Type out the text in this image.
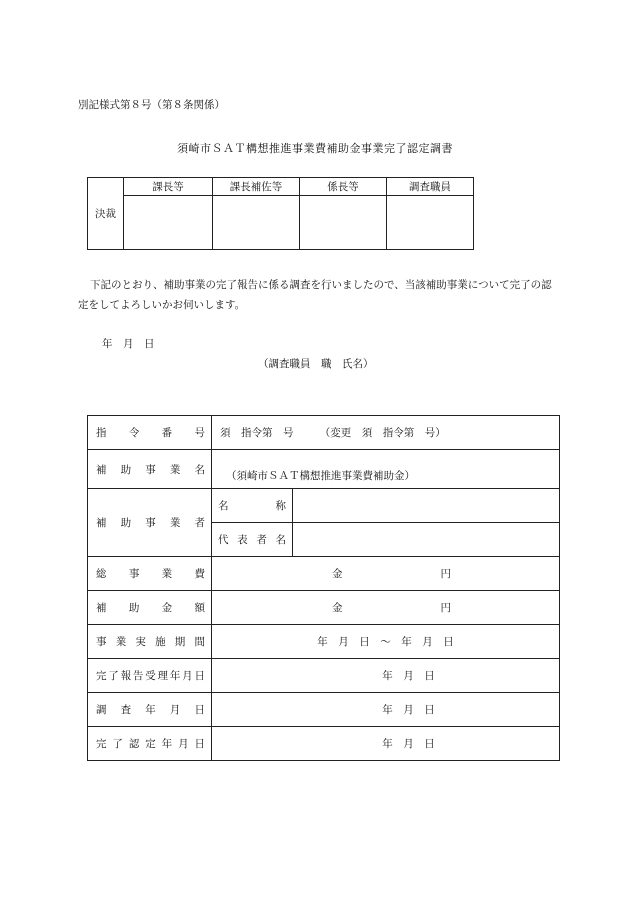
別記様式第８号（第８条関係）
須崎市ＳＡＴ構想推進事業費補助金事業完了認定調書
決裁	課長等	課長補佐等	係長等	調査職員

下記のとおり、補助事業の完了報告に係る調査を行いましたので、当該補助事業について完了の認定をしてよろしいかお伺いします。
年　月　日
（調査職員　職　氏名）
指令番号	須　指令第　号　　　（変更　須　指令第　号）	
補助事業名	（須崎市ＳＡＴ構想推進事業費補助金）	
補助事業者	名称	
	代表者名	
総事業費	金 円	
補助金額	金 円	
事業実施期間	年　月　日　～　年　月　日	
完了報告受理年月日	年　月　日	
調査年月日	年　月　日	
完了認定年月日	年　月　日	
